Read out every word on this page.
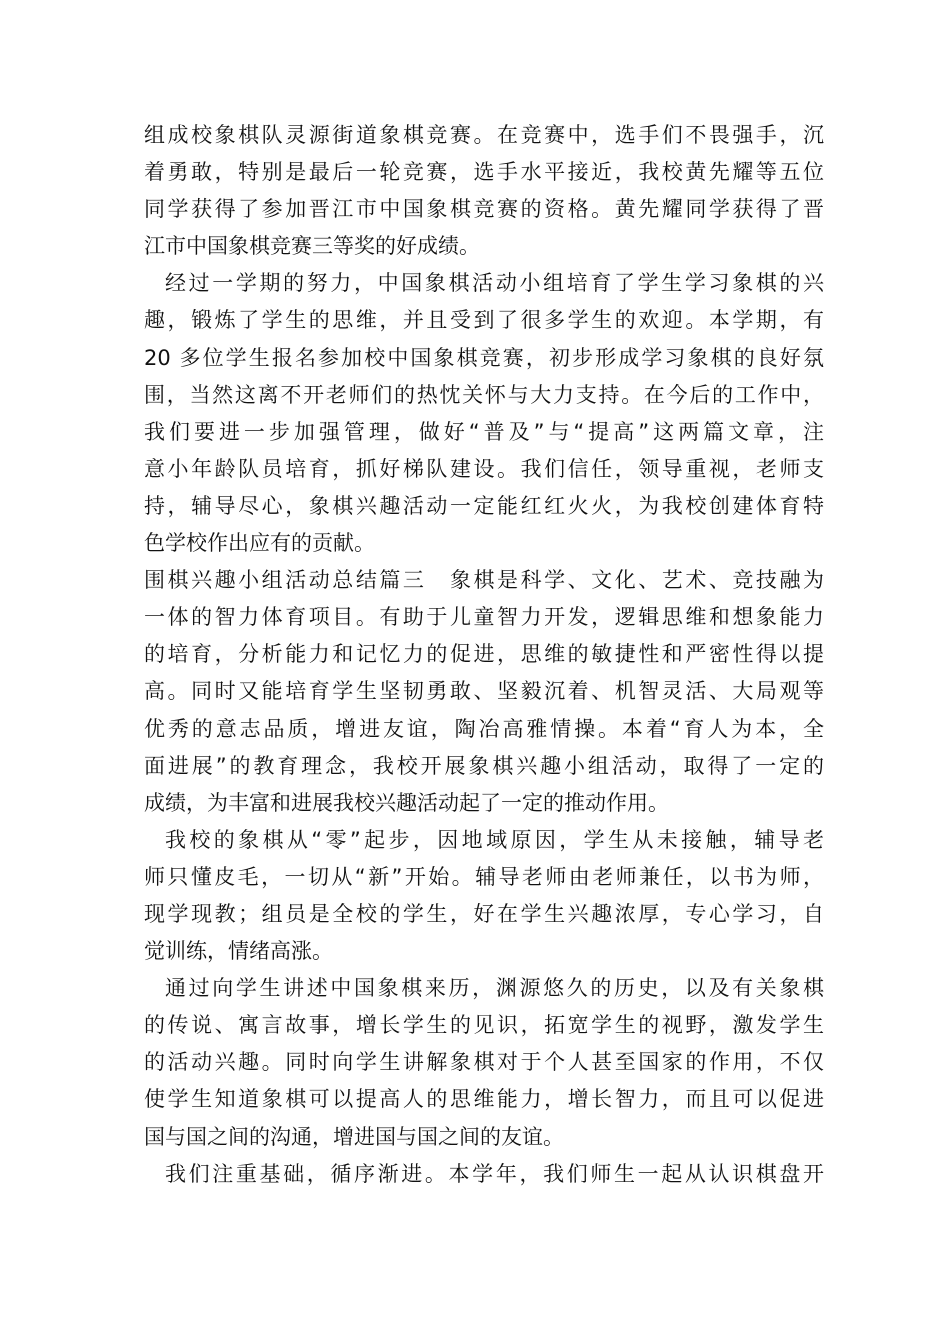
组成校象棋队灵源街道象棋竞赛。在竞赛中，选手们不畏强手，沉
着勇敢，特别是最后一轮竞赛，选手水平接近，我校黄先耀等五位
同学获得了参加晋江市中国象棋竞赛的资格。黄先耀同学获得了晋
江市中国象棋竞赛三等奖的好成绩。
经过一学期的努力，中国象棋活动小组培育了学生学习象棋的兴
趣，锻炼了学生的思维，并且受到了很多学生的欢迎。本学期，有
20 多位学生报名参加校中国象棋竞赛，初步形成学习象棋的良好氛
围，当然这离不开老师们的热忱关怀与大力支持。在今后的工作中，
我们要进一步加强管理，做好“普及”与“提高”这两篇文章，注
意小年龄队员培育，抓好梯队建设。我们信任，领导重视，老师支
持，辅导尽心，象棋兴趣活动一定能红红火火，为我校创建体育特
色学校作出应有的贡献。
围棋兴趣小组活动总结篇三　象棋是科学、文化、艺术、竞技融为
一体的智力体育项目。有助于儿童智力开发，逻辑思维和想象能力
的培育，分析能力和记忆力的促进，思维的敏捷性和严密性得以提
高。同时又能培育学生坚韧勇敢、坚毅沉着、机智灵活、大局观等
优秀的意志品质，增进友谊，陶冶高雅情操。本着“育人为本，全
面进展”的教育理念，我校开展象棋兴趣小组活动，取得了一定的
成绩，为丰富和进展我校兴趣活动起了一定的推动作用。
我校的象棋从“零”起步，因地域原因，学生从未接触，辅导老
师只懂皮毛，一切从“新”开始。辅导老师由老师兼任，以书为师，
现学现教；组员是全校的学生，好在学生兴趣浓厚，专心学习，自
觉训练，情绪高涨。
通过向学生讲述中国象棋来历，渊源悠久的历史，以及有关象棋
的传说、寓言故事，增长学生的见识，拓宽学生的视野，激发学生
的活动兴趣。同时向学生讲解象棋对于个人甚至国家的作用，不仅
使学生知道象棋可以提高人的思维能力，增长智力，而且可以促进
国与国之间的沟通，增进国与国之间的友谊。
我们注重基础，循序渐进。本学年，我们师生一起从认识棋盘开
